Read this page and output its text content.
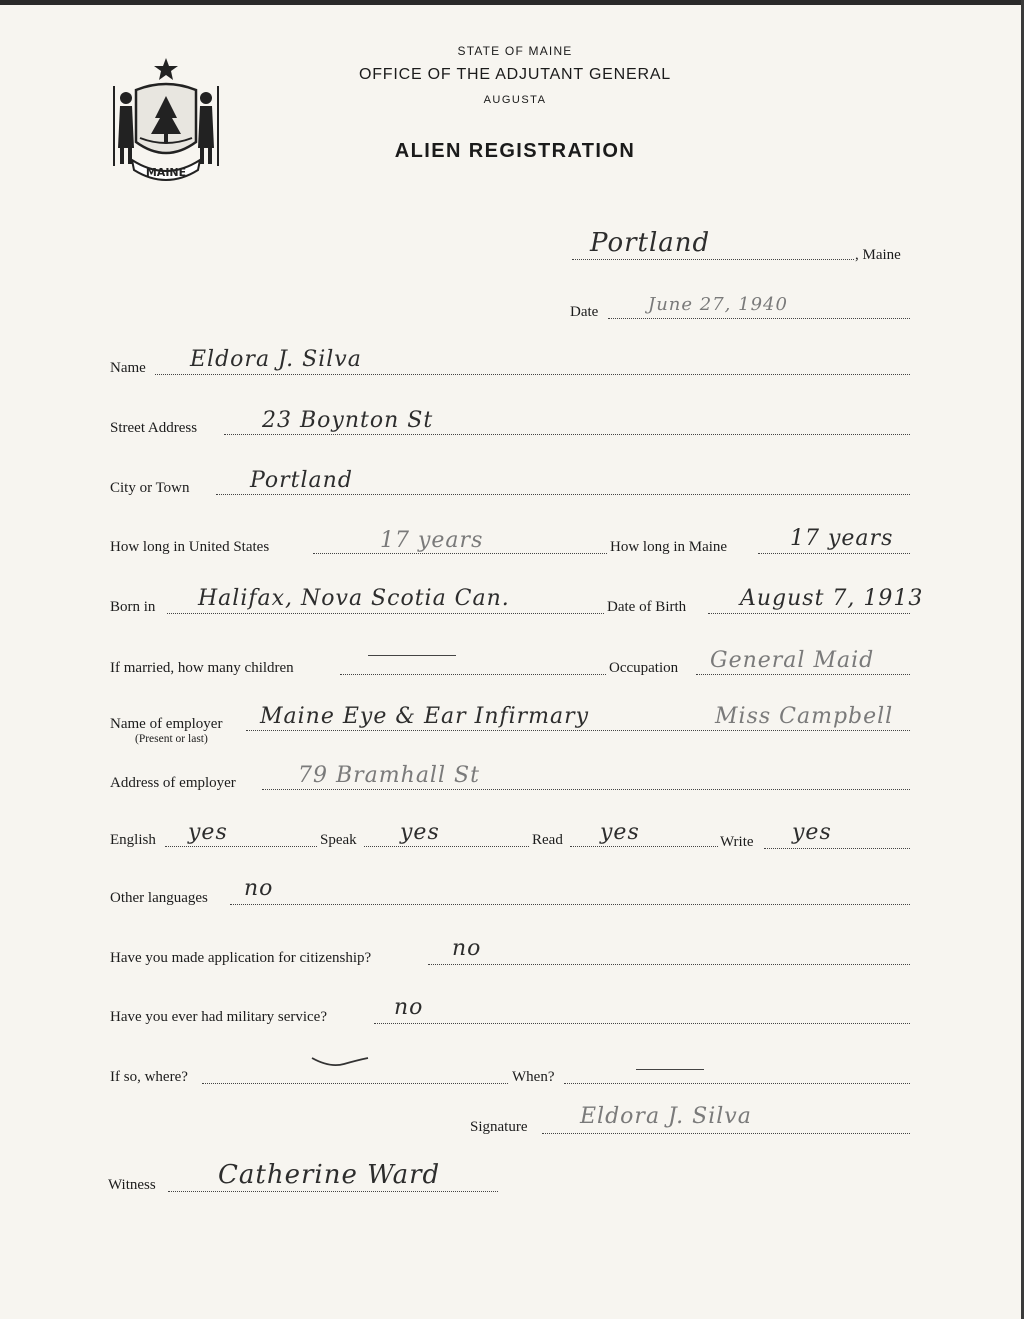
MAINE
STATE OF MAINE
OFFICE OF THE ADJUTANT GENERAL
AUGUSTA
ALIEN REGISTRATION
Portland	, Maine
Date	June 27, 1940
Name Eldora J. Silva
Street Address	23 Boynton St
City or Town	Portland
How long in United States	17 years	How long in Maine	17 years
Born in Halifax, Nova Scotia Can.	Date of Birth August 7, 1913
If married, how many children	Occupation General Maid
Name of employer
(Present or last)
Maine Eye & Ear Infirmary	Miss Campbell
Address of employer	79 Bramhall St
English yes	Speak yes	Read yes	Write yes
Other languages no
Have you made application for citizenship?	no
Have you ever had military service?	no
If so, where?	When?
Signature Eldora J. Silva
Witness Catherine Ward
